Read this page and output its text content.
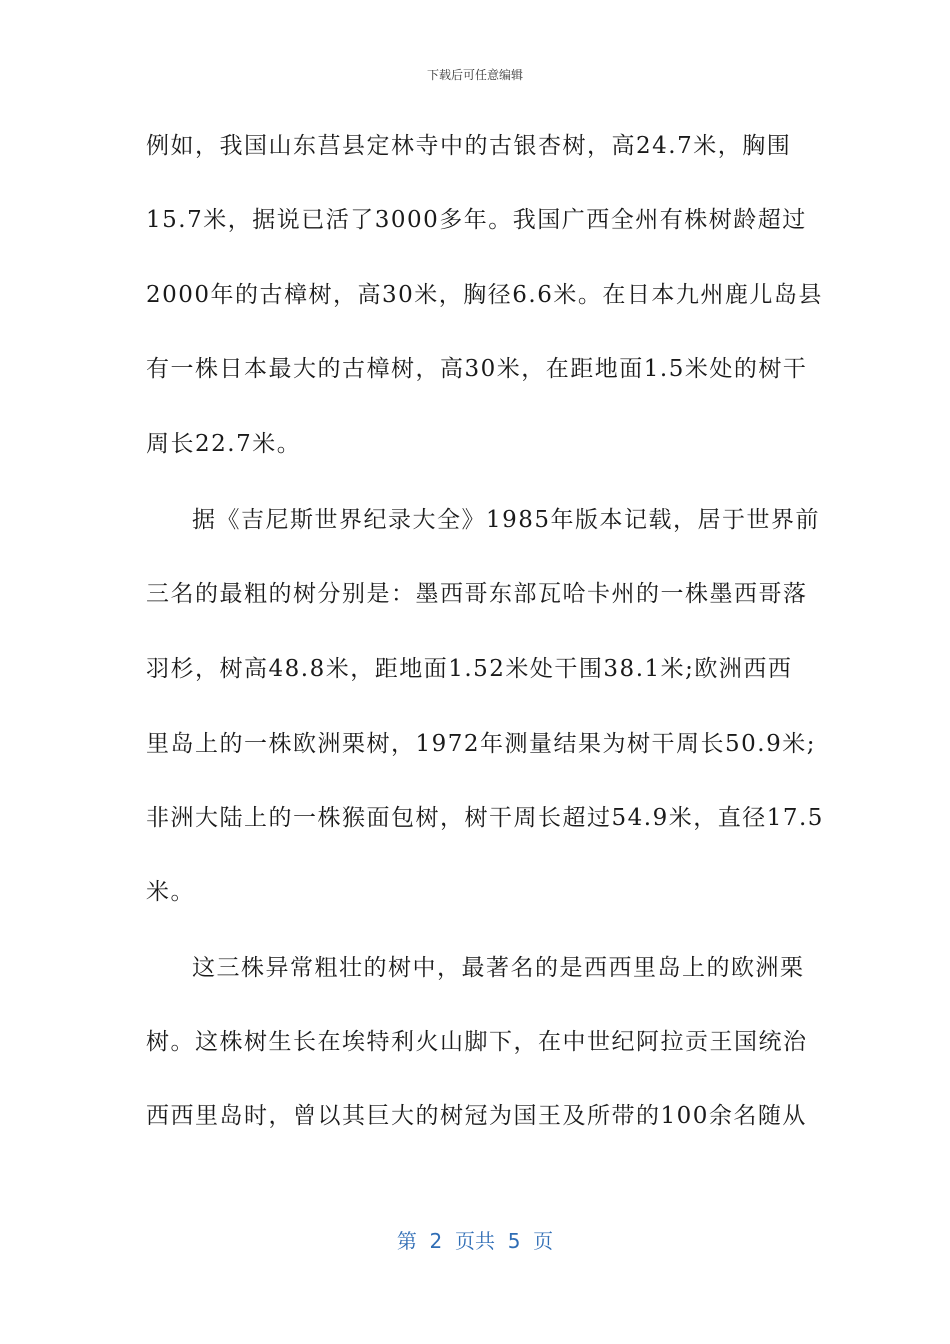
下载后可任意编辑
例如，我国山东莒县定林寺中的古银杏树，高24.7米，胸围
15.7米，据说已活了3000多年。我国广西全州有株树龄超过
2000年的古樟树，高30米，胸径6.6米。在日本九州鹿儿岛县
有一株日本最大的古樟树，高30米，在距地面1.5米处的树干
周长22.7米。
据《吉尼斯世界纪录大全》1985年版本记载，居于世界前
三名的最粗的树分别是：墨西哥东部瓦哈卡州的一株墨西哥落
羽杉，树高48.8米，距地面1.52米处干围38.1米;欧洲西西
里岛上的一株欧洲栗树，1972年测量结果为树干周长50.9米;
非洲大陆上的一株猴面包树，树干周长超过54.9米，直径17.5
米。
这三株异常粗壮的树中，最著名的是西西里岛上的欧洲栗
树。这株树生长在埃特利火山脚下，在中世纪阿拉贡王国统治
西西里岛时，曾以其巨大的树冠为国王及所带的100余名随从
第  2  页共  5  页
